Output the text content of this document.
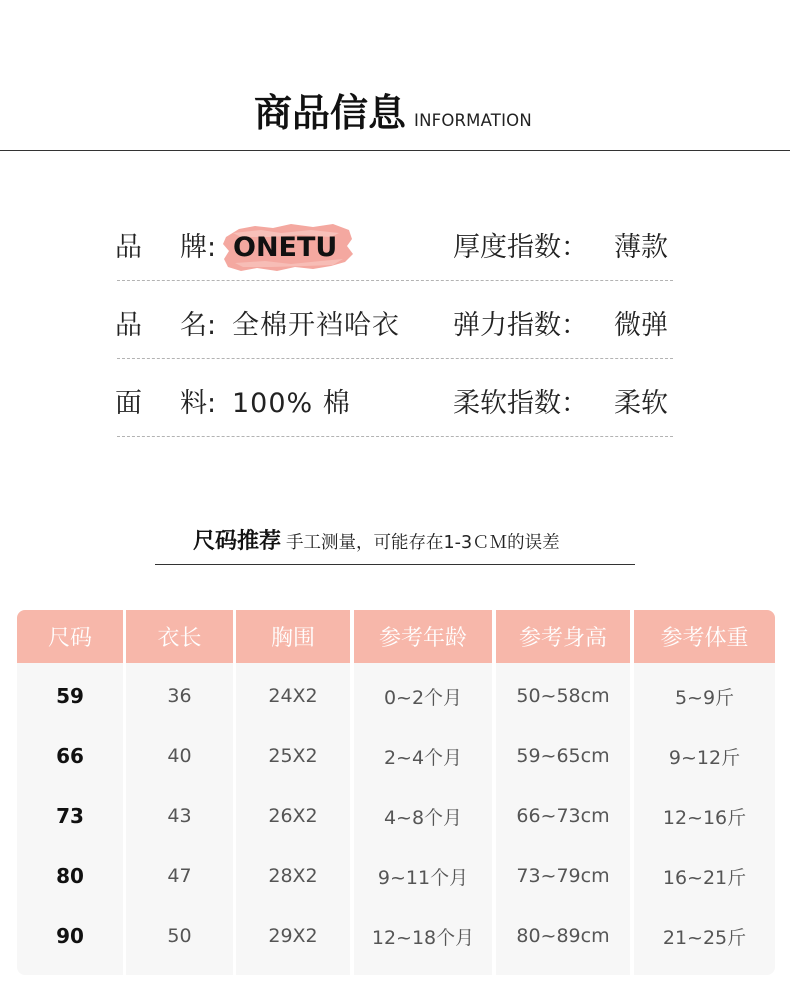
商品信息 INFORMATION
品 牌: ONETU	厚度指数： 薄款
品 名: 全棉开裆哈衣 弹力指数： 微弹
面 料: 100% 棉	柔软指数： 柔软
尺码推荐 手工测量，可能存在1-3ＣＭ的误差
尺码	衣长	胸围	参考年龄	参考身高	参考体重
59	36	24X2	0~2个月	50~58cm	5~9斤
66	40	25X2	2~4个月	59~65cm	9~12斤
73	43	26X2	4~8个月	66~73cm	12~16斤
80	47	28X2	9~11个月	73~79cm	16~21斤
90	50	29X2	12~18个月	80~89cm	21~25斤
